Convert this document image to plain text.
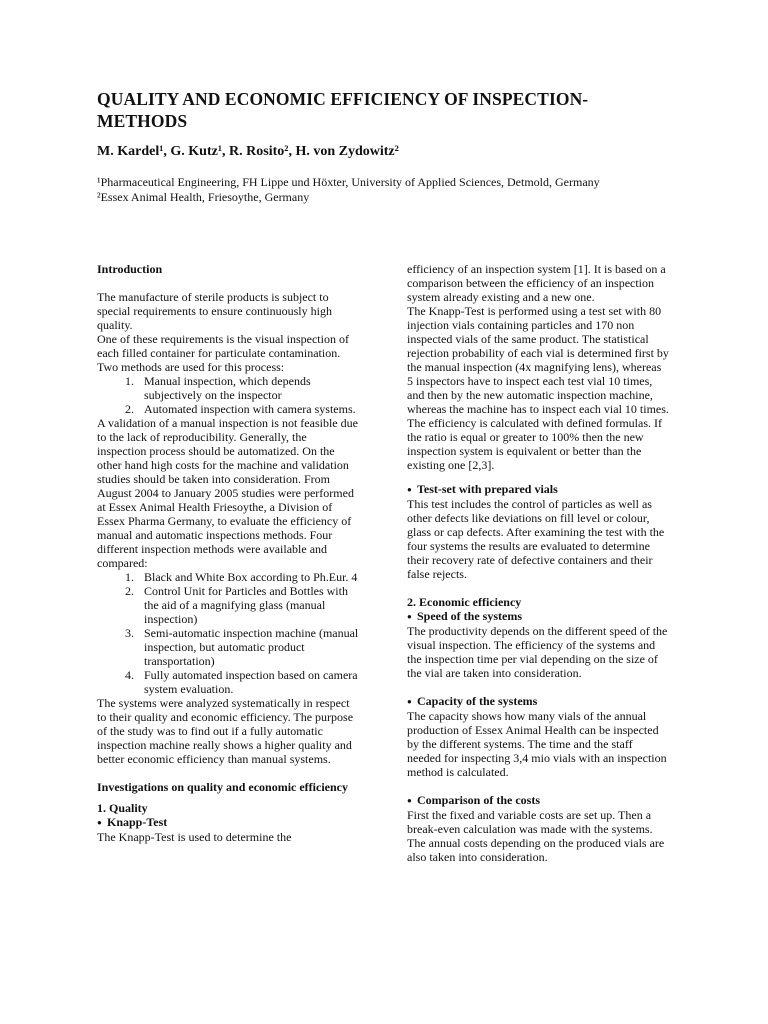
QUALITY AND ECONOMIC EFFICIENCY OF INSPECTION-METHODS

M. Kardel¹, G. Kutz¹, R. Rosito², H. von Zydowitz²

¹Pharmaceutical Engineering, FH Lippe und Höxter, University of Applied Sciences, Detmold, Germany
²Essex Animal Health, Friesoythe, Germany

Introduction

The manufacture of sterile products is subject to special requirements to ensure continuously high quality.

One of these requirements is the visual inspection of each filled container for particulate contamination.

Two methods are used for this process:

1. Manual inspection, which depends subjectively on the inspector
2. Automated inspection with camera systems.

A validation of a manual inspection is not feasible due to the lack of reproducibility. Generally, the inspection process should be automatized. On the other hand high costs for the machine and validation studies should be taken into consideration. From August 2004 to January 2005 studies were performed at Essex Animal Health Friesoythe, a Division of Essex Pharma Germany, to evaluate the efficiency of manual and automatic inspections methods. Four different inspection methods were available and compared:

1. Black and White Box according to Ph.Eur. 4
2. Control Unit for Particles and Bottles with the aid of a magnifying glass (manual inspection)
3. Semi-automatic inspection machine (manual inspection, but automatic product transportation)
4. Fully automated inspection based on camera system evaluation.

The systems were analyzed systematically in respect to their quality and economic efficiency. The purpose of the study was to find out if a fully automatic inspection machine really shows a higher quality and better economic efficiency than manual systems.

Investigations on quality and economic efficiency

1. Quality

● Knapp-Test

The Knapp-Test is used to determine the

efficiency of an inspection system [1]. It is based on a comparison between the efficiency of an inspection system already existing and a new one.

The Knapp-Test is performed using a test set with 80 injection vials containing particles and 170 non inspected vials of the same product. The statistical rejection probability of each vial is determined first by the manual inspection (4x magnifying lens), whereas 5 inspectors have to inspect each test vial 10 times, and then by the new automatic inspection machine, whereas the machine has to inspect each vial 10 times. The efficiency is calculated with defined formulas. If the ratio is equal or greater to 100% then the new inspection system is equivalent or better than the existing one [2,3].

● Test-set with prepared vials

This test includes the control of particles as well as other defects like deviations on fill level or colour, glass or cap defects. After examining the test with the four systems the results are evaluated to determine their recovery rate of defective containers and their false rejects.

2. Economic efficiency

● Speed of the systems

The productivity depends on the different speed of the visual inspection. The efficiency of the systems and the inspection time per vial depending on the size of the vial are taken into consideration.

● Capacity of the systems

The capacity shows how many vials of the annual production of Essex Animal Health can be inspected by the different systems. The time and the staff needed for inspecting 3,4 mio vials with an inspection method is calculated.

● Comparison of the costs

First the fixed and variable costs are set up. Then a break-even calculation was made with the systems. The annual costs depending on the produced vials are also taken into consideration.
